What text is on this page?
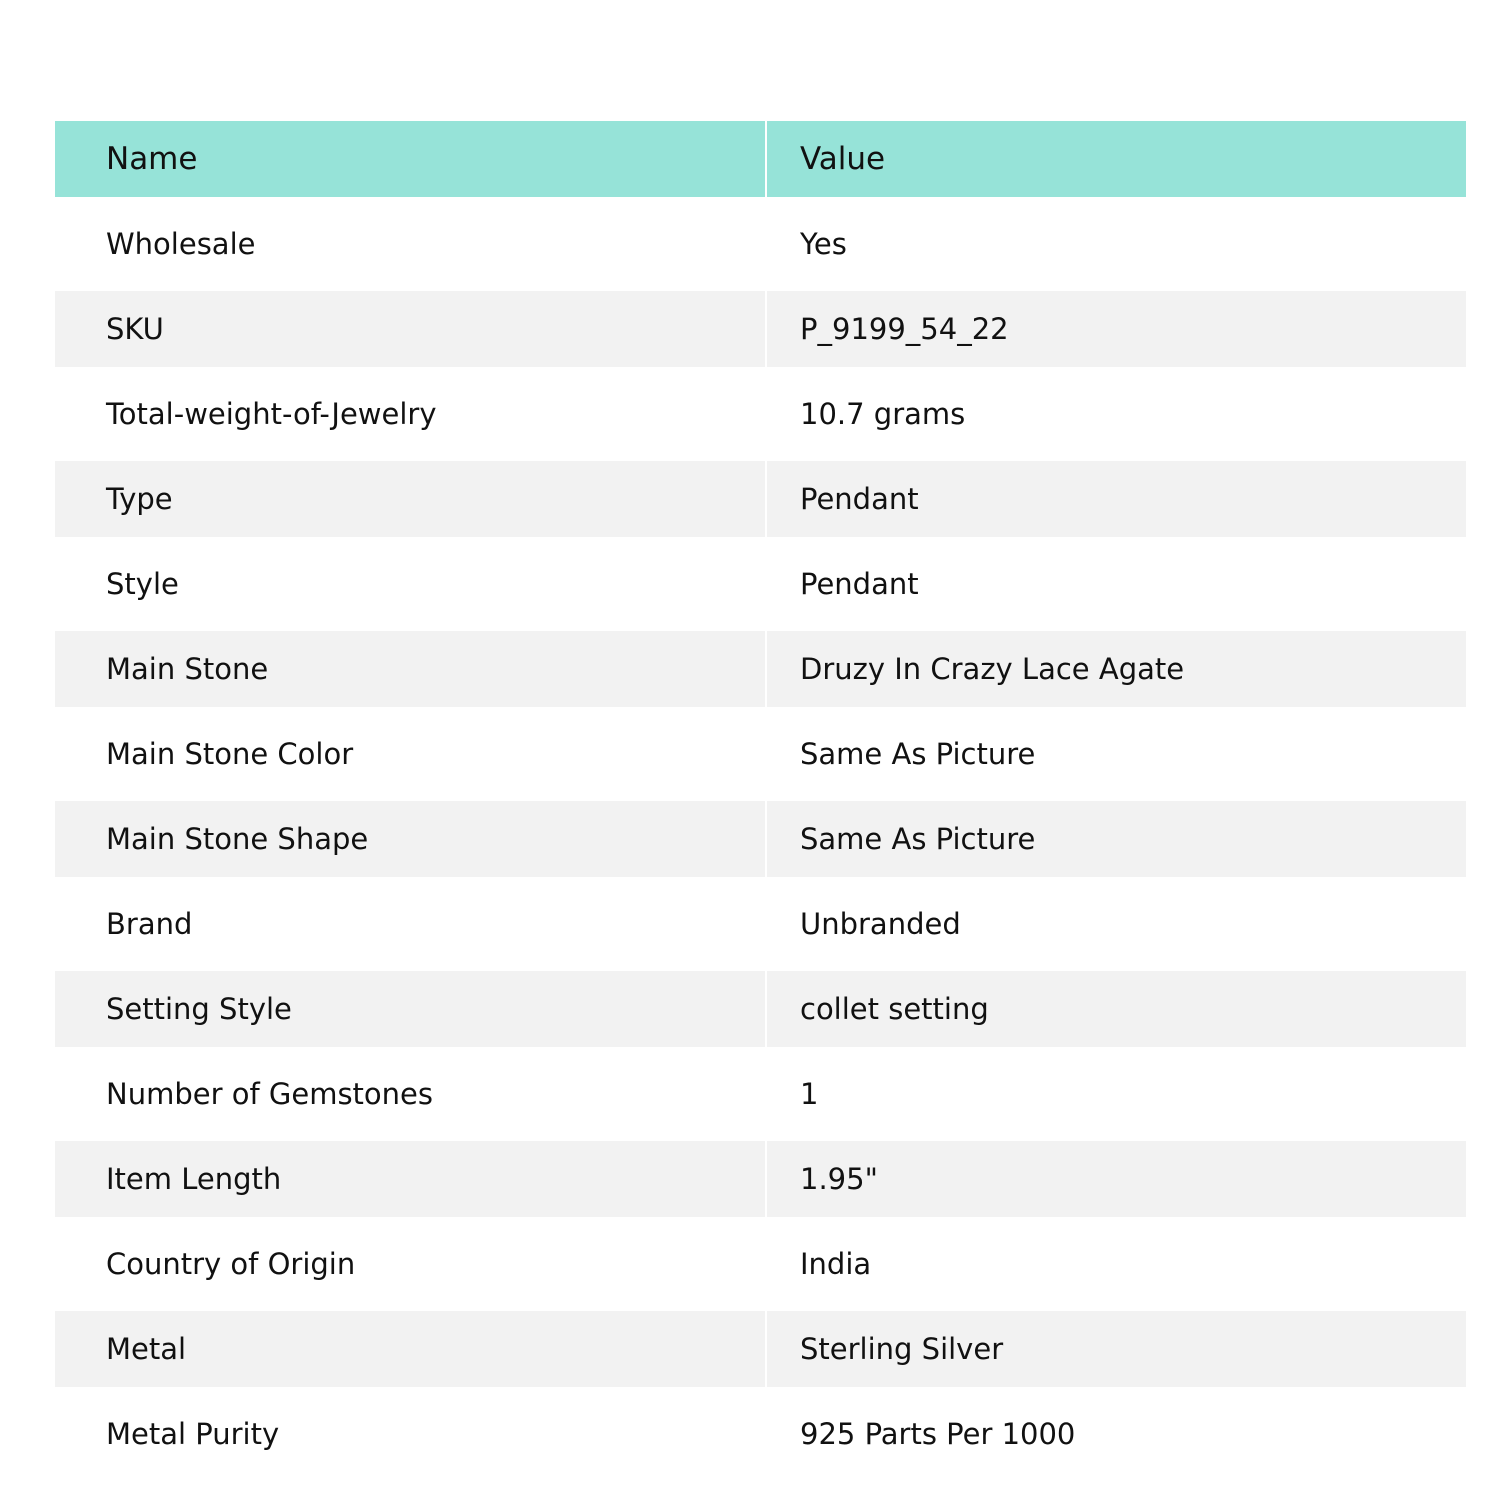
Name	Value
Wholesale	Yes
SKU	P_9199_54_22
Total-weight-of-Jewelry	10.7 grams
Type	Pendant
Style	Pendant
Main Stone	Druzy In Crazy Lace Agate
Main Stone Color	Same As Picture
Main Stone Shape	Same As Picture
Brand	Unbranded
Setting Style	collet setting
Number of Gemstones	1
Item Length	1.95"
Country of Origin	India
Metal	Sterling Silver
Metal Purity	925 Parts Per 1000
